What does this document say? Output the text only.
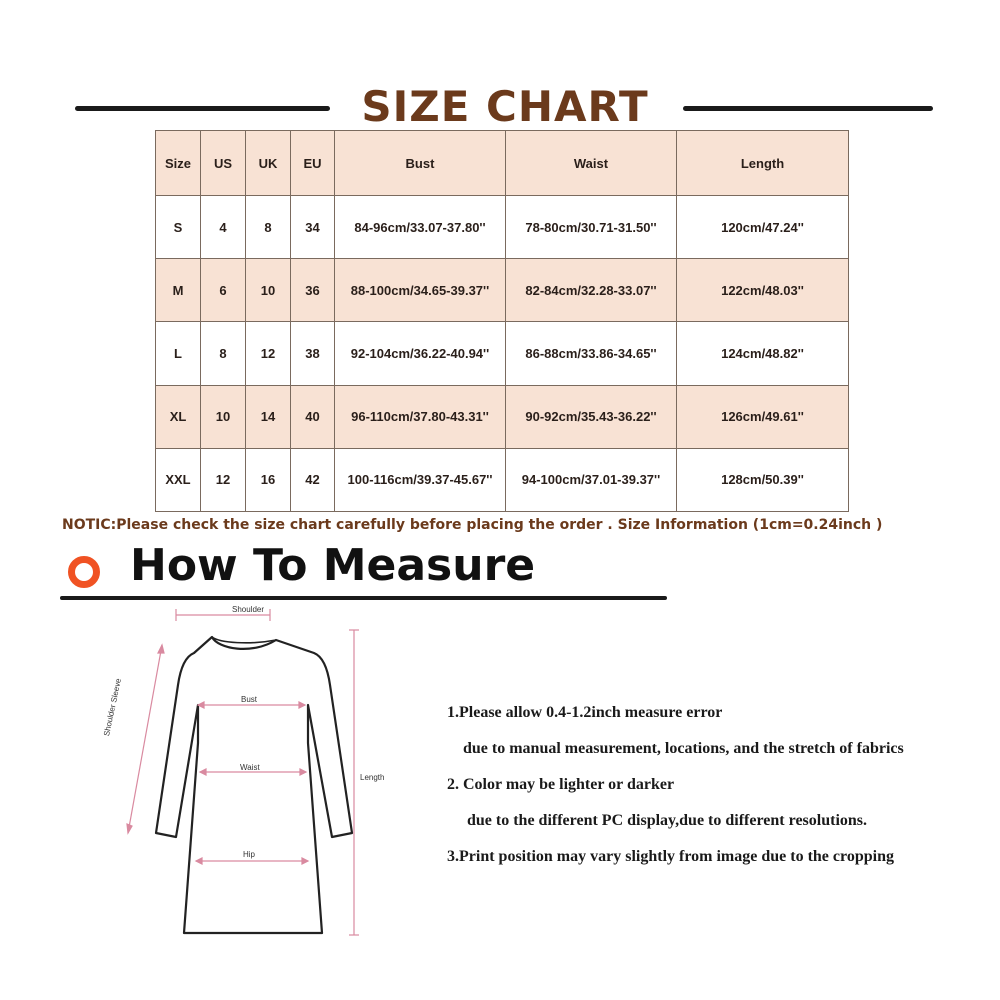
SIZE CHART
Size	US	UK	EU	Bust	Waist	Length
S	4	8	34	84-96cm/33.07-37.80''	78-80cm/30.71-31.50''	120cm/47.24''
M	6	10	36	88-100cm/34.65-39.37''	82-84cm/32.28-33.07''	122cm/48.03''
L	8	12	38	92-104cm/36.22-40.94''	86-88cm/33.86-34.65''	124cm/48.82''
XL	10	14	40	96-110cm/37.80-43.31''	90-92cm/35.43-36.22''	126cm/49.61''
XXL	12	16	42	100-116cm/39.37-45.67''	94-100cm/37.01-39.37''	128cm/50.39''
NOTIC:Please check the size chart carefully before placing the order . Size Information (1cm=0.24inch )
How To Measure
Shoulder
Bust
Waist
Hip
Length
Shoulder Sleeve	1.Please allow 0.4-1.2inch measure error
due to manual measurement, locations, and the stretch of fabrics
2. Color may be lighter or darker
due to the different PC display,due to different resolutions.
3.Print position may vary slightly from image due to the cropping
